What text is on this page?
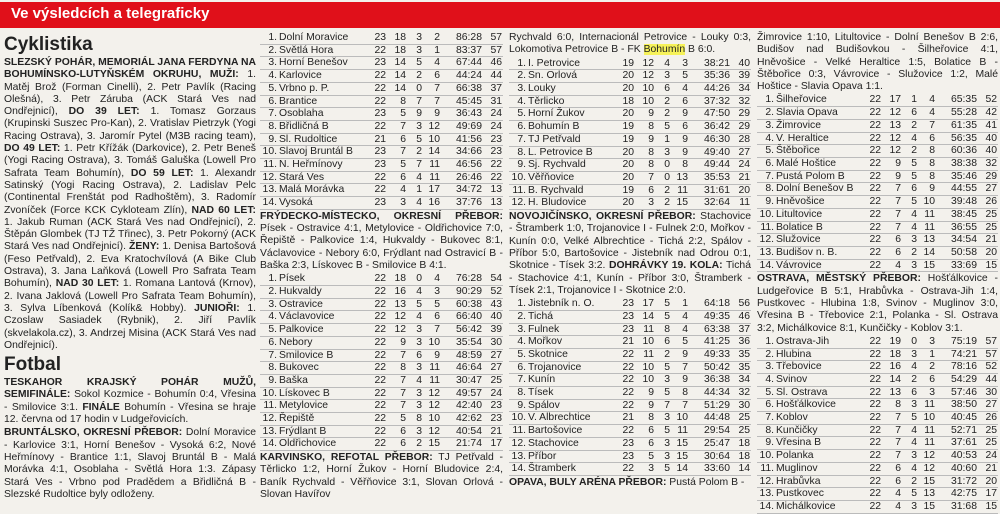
Ve výsledcích a telegraficky
Cyklistika

SLEZSKÝ POHÁR, MEMORIÁL JANA FERDYNA NA BOHUMÍNSKO-LUTYŇSKÉM OKRUHU, MUŽI: 1. Matěj Brož (Forman Cinelli), 2. Petr Pavlík (Racing Olešná), 3. Petr Záruba (ACK Stará Ves nad Ondřejnicí), DO 39 LET: 1. Tomasz Gorzaus (Krupinski Suszec Pro-Kan), 2. Vratislav Pietrzyk (Yogi Racing Ostrava), 3. Jaromír Pytel (M3B racing team), DO 49 LET: 1. Petr Křížák (Darkovice), 2. Petr Beneš (Yogi Racing Ostrava), 3. Tomáš Galuška (Lowell Pro Safrata Team Bohumín), DO 59 LET: 1. Alexandr Satinský (Yogi Racing Ostrava), 2. Ladislav Pelc (Continental Frenštát pod Radhoštěm), 3. Radomír Zvoníček (Force KCK Cykloteam Zlín), NAD 60 LET: 1. Jakub Ruman (ACK Stará Ves nad Ondřejnicí), 2. Štěpán Glombek (TJ TŽ Třinec), 3. Petr Pokorný (ACK Stará Ves nad Ondřejnicí). ŽENY: 1. Denisa Bartošová (Feso Petřvald), 2. Eva Kratochvílová (A Bike Club Ostrava), 3. Jana Laňková (Lowell Pro Safrata Team Bohumín), NAD 30 LET: 1. Romana Lantová (Krnov), 2. Ivana Jaklová (Lowell Pro Safrata Team Bohumín), 3. Sylva Líbenková (Kolík& Hobby). JUNIOŘI: 1. Czoslaw Sasiadek (Rybnik), 2. Jiří Pavlík (skvelakola.cz), 3. Andrzej Misina (ACK Stará Ves nad Ondřejnicí).

Fotbal

TESKAHOR KRAJSKÝ POHÁR MUŽŮ, SEMIFINÁLE: Sokol Kozmice - Bohumín 0:4, Vřesina - Smilovice 3:1. FINÁLE Bohumín - Vřesina se hraje 12. června od 17 hodin v Ludgeřovicích.

BRUNTÁLSKO, OKRESNÍ PŘEBOR: Dolní Moravice - Karlovice 3:1, Horní Benešov - Vysoká 6:2, Nové Heřmínovy - Brantice 1:1, Slavoj Bruntál B - Malá Morávka 4:1, Osoblaha - Světlá Hora 1:3. Zápasy Stará Ves - Vrbno pod Pradědem a Břidličná B - Slezské Rudoltice byly odloženy.

1.	Dolní Moravice	23	18	3	2	86:28	57
2.	Světlá Hora	22	18	3	1	83:37	57
3.	Horní Benešov	23	14	5	4	67:44	46
4.	Karlovice	22	14	2	6	44:24	44
5.	Vrbno p. P.	22	14	0	7	66:38	37
6.	Brantice	22	8	7	7	45:45	31
7.	Osoblaha	23	5	9	9	36:43	24
8.	Břidličná B	22	7	3	12	49:69	24
9.	Sl. Rudoltice	21	6	5	10	41:56	23
10.	Slavoj Bruntál B	23	7	2	14	34:66	23
11.	N. Heřmínovy	23	5	7	11	46:56	22
12.	Stará Ves	22	6	4	11	26:46	22
13.	Malá Morávka	22	4	1	17	34:72	13
14.	Vysoká	23	3	4	16	37:76	13

FRÝDECKO-MÍSTECKO, OKRESNÍ PŘEBOR: Písek - Ostravice 4:1, Metylovice - Oldřichovice 7:0, Řepiště - Palkovice 1:4, Hukvaldy - Bukovec 8:1, Václavovice - Nebory 6:0, Frýdlant nad Ostravicí B - Baška 2:3, Lískovec B - Smilovice B 4:1.

1.	Písek	22	18	0	4	76:28	54
2.	Hukvaldy	22	16	4	3	90:29	52
3.	Ostravice	22	13	5	5	60:38	43
4.	Václavovice	22	12	4	6	66:40	40
5.	Palkovice	22	12	3	7	56:42	39
6.	Nebory	22	9	3	10	35:54	30
7.	Smilovice B	22	7	6	9	48:59	27
8.	Bukovec	22	8	3	11	46:64	27
9.	Baška	22	7	4	11	30:47	25
10.	Lískovec B	22	7	3	12	49:57	24
11.	Metylovice	22	7	3	12	42:40	23
12.	Řepiště	22	5	8	10	42:62	23
13.	Frýdlant B	22	6	3	12	40:54	21
14.	Oldřichovice	22	6	2	15	21:74	17

KARVINSKO, REFOTAL PŘEBOR: TJ Petřvald - Těrlicko 1:2, Horní Žukov - Horní Bludovice 2:4, Baník Rychvald - Věřňovice 3:1, Slovan Orlová - Slovan Havířov

Rychvald 6:0, Internacionál Petrovice - Louky 0:3, Lokomotiva Petrovice B - FK Bohumín B 6:0.

1.	I. Petrovice	19	12	4	3	38:21	40
2.	Sn. Orlová	20	12	3	5	35:36	39
3.	Louky	20	10	6	4	44:26	34
4.	Těrlicko	18	10	2	6	37:32	32
5.	Horní Žukov	20	9	2	9	47:50	29
6.	Bohumín B	19	8	5	6	36:42	29
7.	TJ Petřvald	19	9	1	9	46:30	28
8.	L. Petrovice B	20	8	3	9	49:40	27
9.	Sj. Rychvald	20	8	0	8	49:44	24
10.	Věřňovice	20	7	0	13	35:53	21
11.	B. Rychvald	19	6	2	11	31:61	20
12.	H. Bludovice	20	3	2	15	32:64	11

NOVOJIČÍNSKO, OKRESNÍ PŘEBOR: Stachovice - Štramberk 1:0, Trojanovice I - Fulnek 2:0, Mořkov - Kunín 0:0, Velké Albrechtice - Tichá 2:2, Spálov - Příbor 5:0, Bartošovice - Jistebník nad Odrou 0:1, Skotnice - Tísek 3:2. DOHRÁVKY 19. KOLA: Tichá - Stachovice 4:1, Kunín - Příbor 3:0, Štramberk - Tísek 2:1, Trojanovice I - Skotnice 2:0.

1.	Jistebník n. O.	23	17	5	1	64:18	56
2.	Tichá	23	14	5	4	49:35	46
3.	Fulnek	23	11	8	4	63:38	37
4.	Mořkov	21	10	6	5	41:25	36
5.	Skotnice	22	11	2	9	49:33	35
6.	Trojanovice	22	10	5	7	50:42	35
7.	Kunín	22	10	3	9	36:38	34
8.	Tísek	22	9	5	8	44:34	32
9.	Spálov	22	9	7	7	51:29	30
10.	V. Albrechtice	21	8	3	10	44:48	25
11.	Bartošovice	22	6	5	11	29:54	25
12.	Stachovice	23	6	3	15	25:47	18
13.	Příbor	23	5	3	15	30:64	18
14.	Štramberk	22	3	5	14	33:60	14

OPAVA, BULY ARÉNA PŘEBOR: Pustá Polom B -

Žimrovice 1:10, Litultovice - Dolní Benešov B 2:6, Budišov nad Budišovkou - Šilheřovice 4:1, Hněvošice - Velké Heraltice 1:5, Bolatice B - Štěbořice 0:3, Vávrovice - Služovice 1:2, Malé Hoštice - Slavia Opava 1:1.

1.	Šilheřovice	22	17	1	4	65:35	52
2.	Slavia Opava	22	12	6	4	55:28	42
3.	Žimrovice	22	13	2	7	61:35	41
4.	V. Heraltice	22	12	4	6	56:35	40
5.	Štěbořice	22	12	2	8	60:36	40
6.	Malé Hoštice	22	9	5	8	38:38	32
7.	Pustá Polom B	22	9	5	8	35:46	29
8.	Dolní Benešov B	22	7	6	9	44:55	27
9.	Hněvošice	22	7	5	10	39:48	26
10.	Litultovice	22	7	4	11	38:45	25
11.	Bolatice B	22	7	4	11	36:55	25
12.	Služovice	22	6	3	13	34:54	21
13.	Budišov n. B.	22	6	2	14	50:58	20
14.	Vávrovice	22	4	3	15	33:69	15

OSTRAVA, MĚSTSKÝ PŘEBOR: Hošťálkovice - Ludgeřovice B 5:1, Hrabůvka - Ostrava-Jih 1:4, Pustkovec - Hlubina 1:8, Svinov - Muglinov 3:0, Vřesina B - Třebovice 2:1, Polanka - Sl. Ostrava 3:2, Michálkovice 8:1, Kunčičky - Koblov 3:1.

1.	Ostrava-Jih	22	19	0	3	75:19	57
2.	Hlubina	22	18	3	1	74:21	57
3.	Třebovice	22	16	4	2	78:16	52
4.	Svinov	22	14	2	6	54:29	44
5.	Sl. Ostrava	22	13	6	3	57:46	30
6.	Hošťálkovice	22	8	3	11	38:50	27
7.	Koblov	22	7	5	10	40:45	26
8.	Kunčičky	22	7	4	11	52:71	25
9.	Vřesina B	22	7	4	11	37:61	25
10.	Polanka	22	7	3	12	40:53	24
11.	Muglinov	22	6	4	12	40:60	21
12.	Hrabůvka	22	6	2	15	31:72	20
13.	Pustkovec	22	4	5	13	42:75	17
14.	Michálkovice	22	4	3	15	31:68	15
